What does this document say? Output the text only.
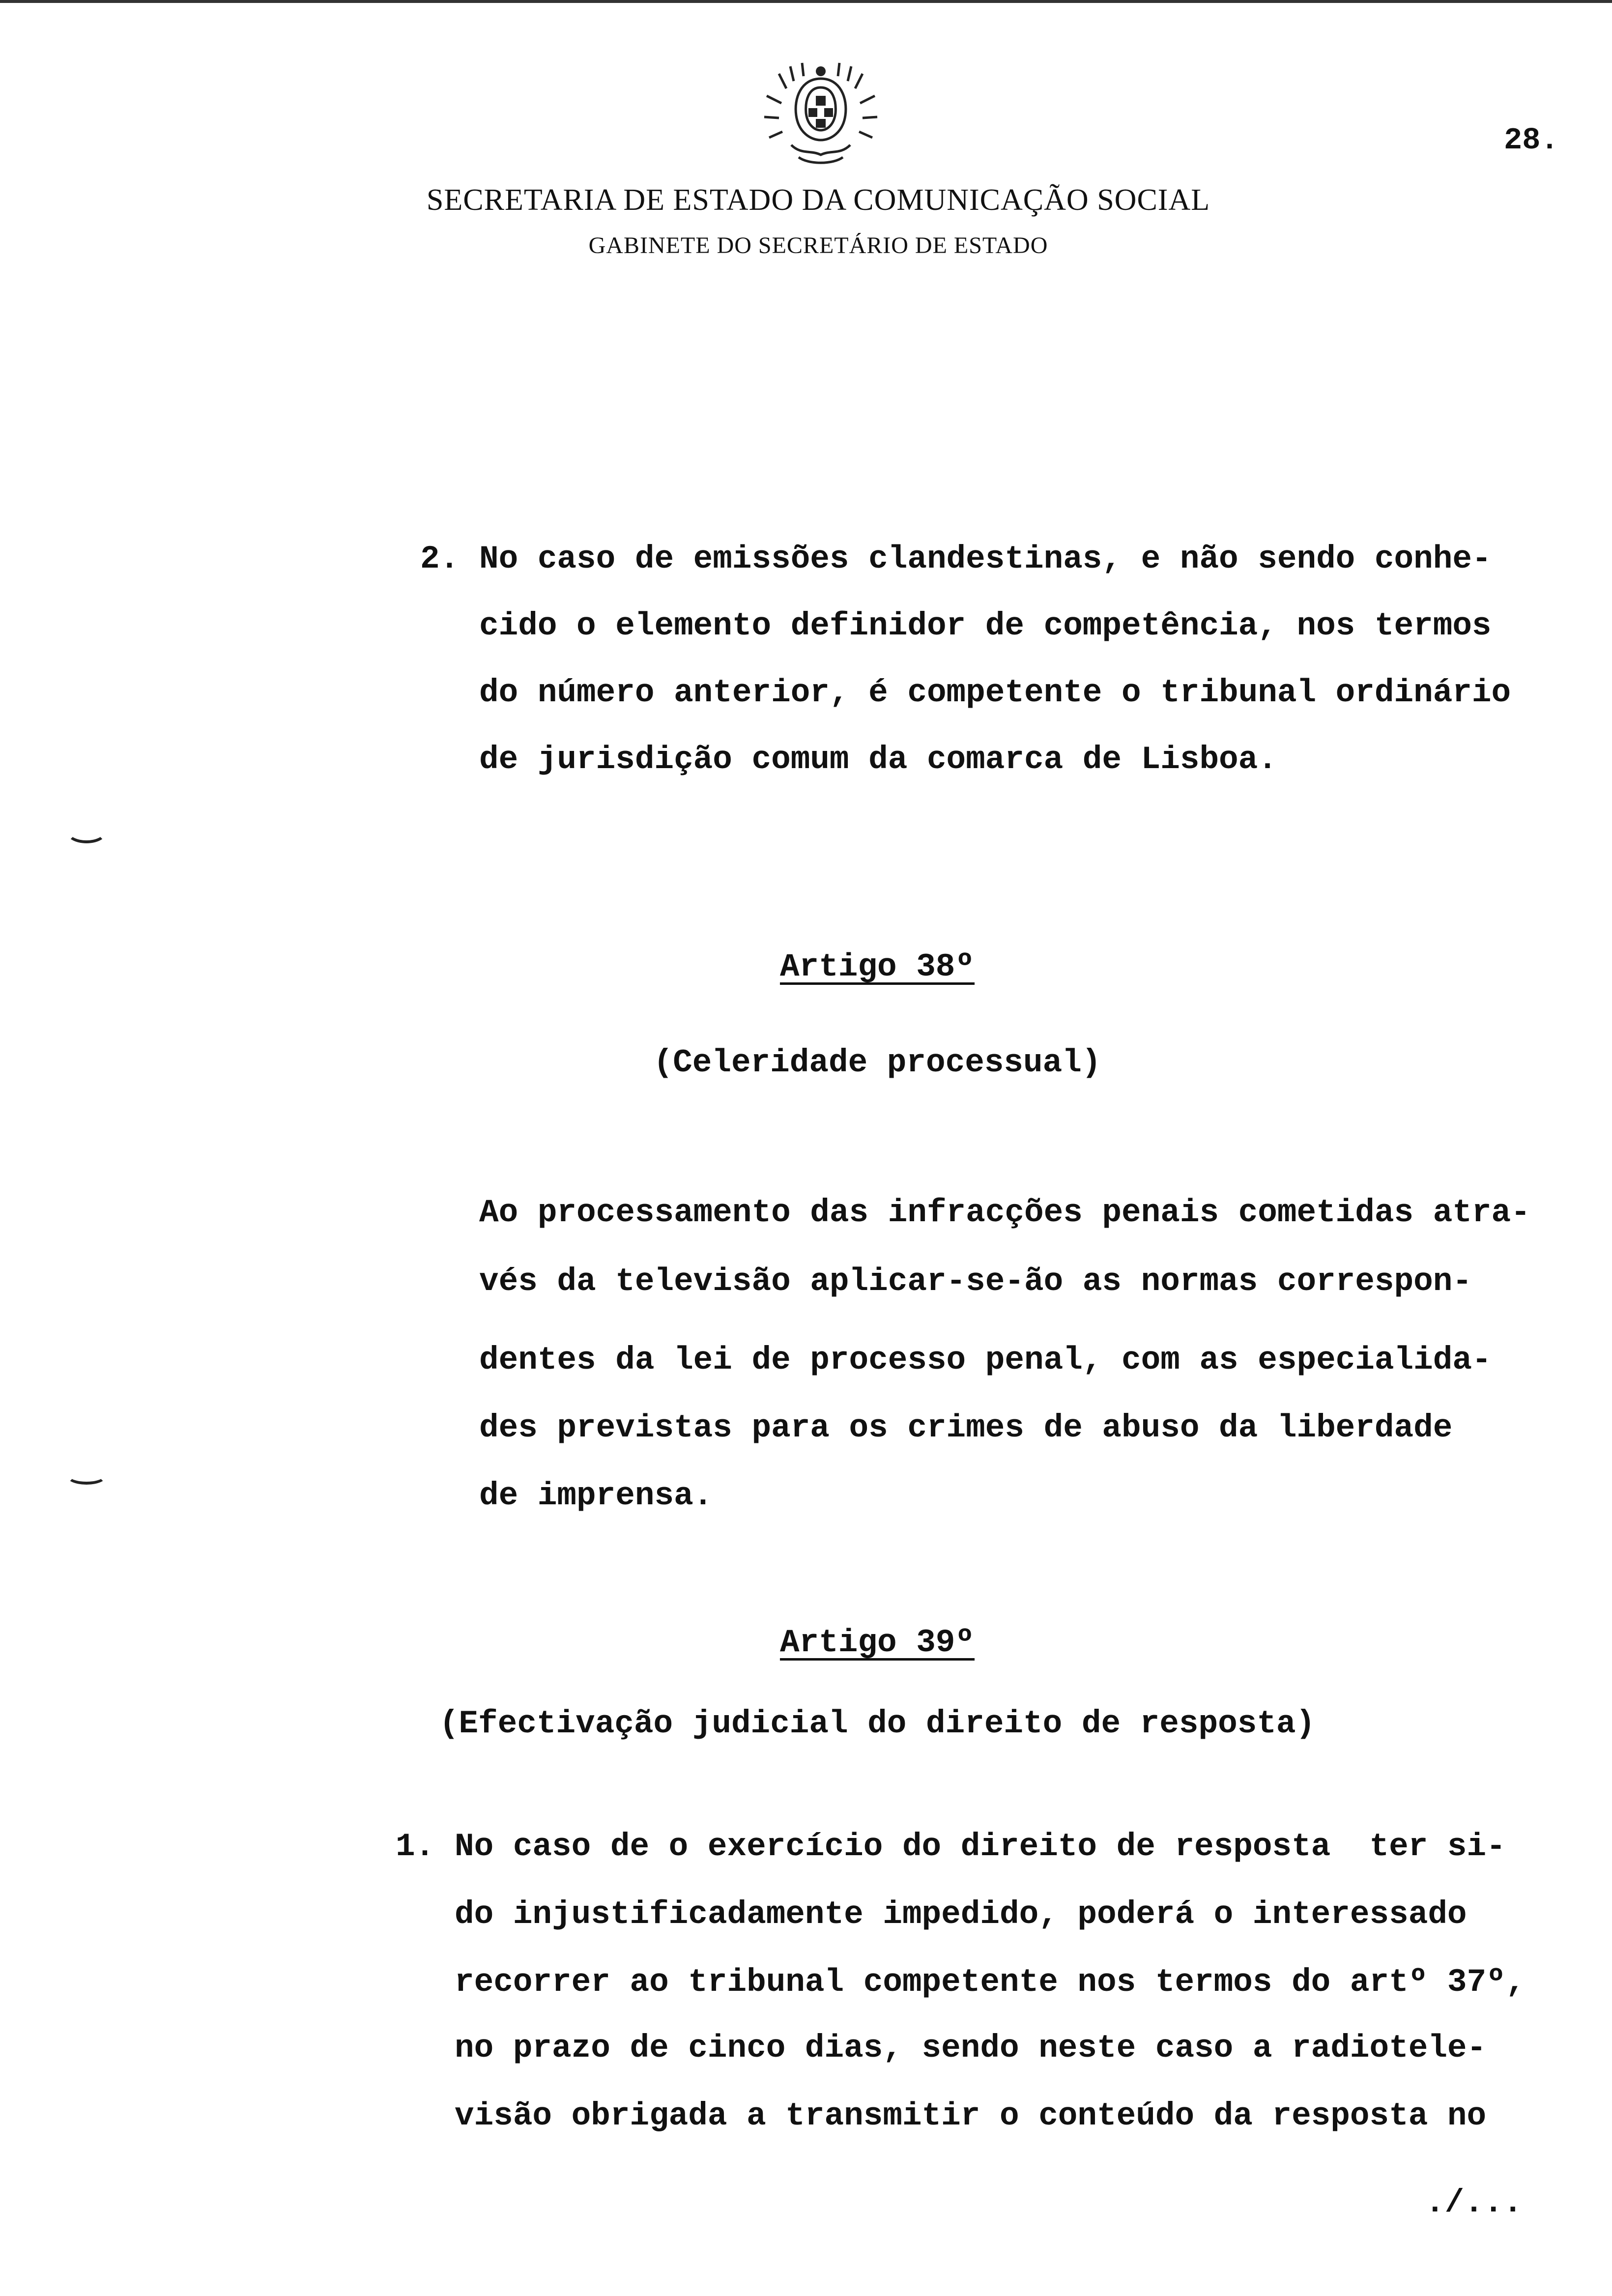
28.
SECRETARIA DE ESTADO DA COMUNICAÇÃO SOCIAL
GABINETE DO SECRETÁRIO DE ESTADO
2. No caso de emissões clandestinas, e não sendo conhe-
cido o elemento definidor de competência, nos termos
do número anterior, é competente o tribunal ordinário
de jurisdição comum da comarca de Lisboa.
Artigo 38º
(Celeridade processual)
Ao processamento das infracções penais cometidas atra-
vés da televisão aplicar-se-ão as normas correspon-
dentes da lei de processo penal, com as especialida-
des previstas para os crimes de abuso da liberdade
de imprensa.
Artigo 39º
(Efectivação judicial do direito de resposta)
1. No caso de o exercício do direito de resposta  ter si-
do injustificadamente impedido, poderá o interessado
recorrer ao tribunal competente nos termos do artº 37º,
no prazo de cinco dias, sendo neste caso a radiotele-
visão obrigada a transmitir o conteúdo da resposta no
./...
